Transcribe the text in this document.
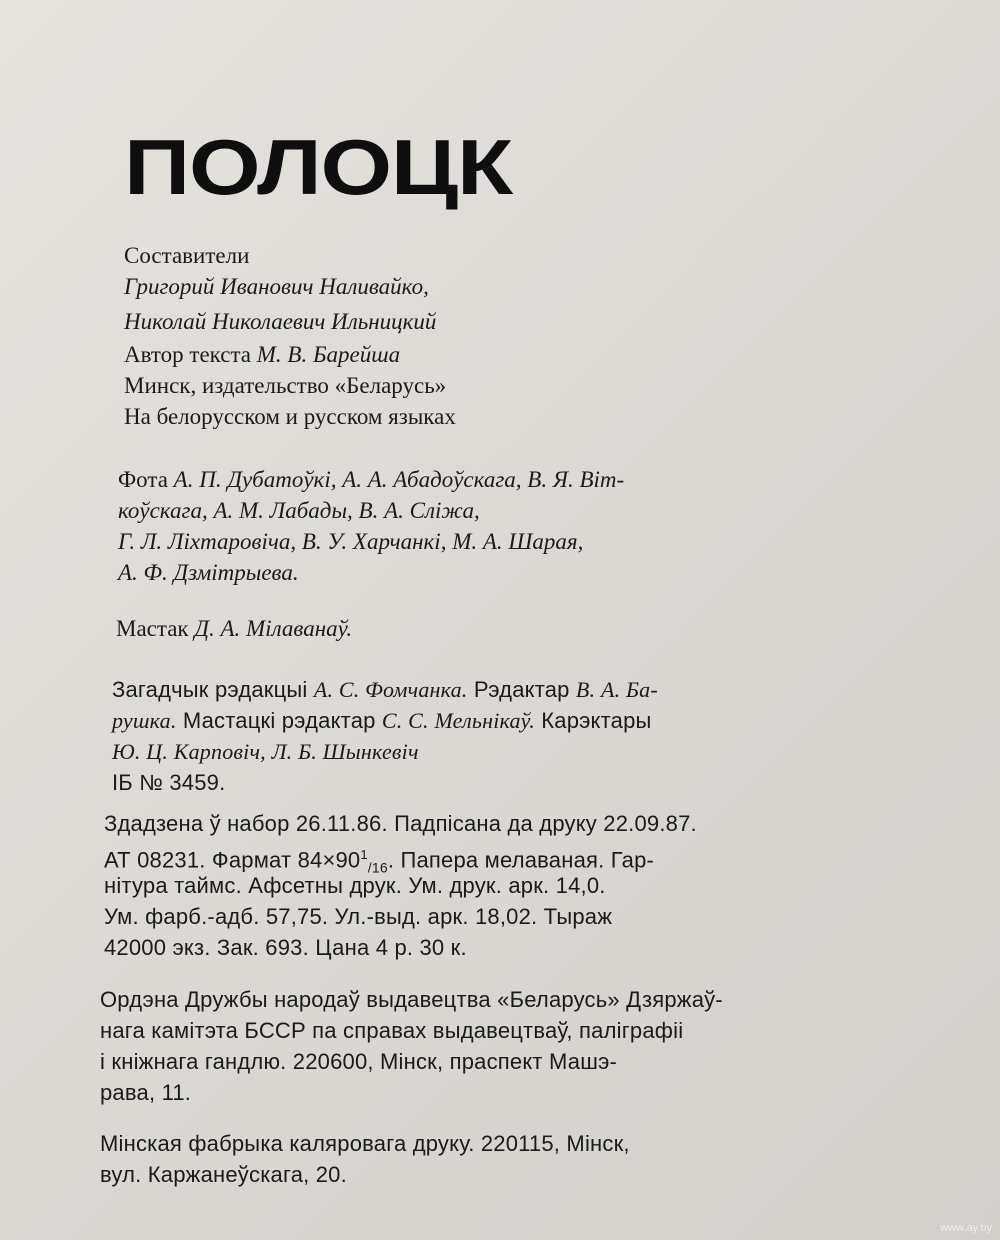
ПОЛОЦК
Составители
Григорий Иванович Наливайко,
Николай Николаевич Ильницкий
Автор текста М. В. Барейша
Минск, издательство «Беларусь»
На белорусском и русском языках
Фота А. П. Дубатоўкі, А. А. Абадоўскага, В. Я. Віт-
коўскага, А. М. Лабады, В. А. Сліжа,
Г. Л. Ліхтаровіча, В. У. Харчанкі, М. А. Шарая,
А. Ф. Дзмітрыева.
Мастак Д. А. Мілаванаў.
Загадчык рэдакцыі А. С. Фомчанка. Рэдактар В. А. Ба-
рушка. Мастацкі рэдактар С. С. Мельнікаў. Карэктары
Ю. Ц. Карповіч, Л. Б. Шынкевіч
ІБ № 3459.
Здадзена ў набор 26.11.86. Падпісана да друку 22.09.87.
АТ 08231. Фармат $84\times 90^1_{/16}$. Папера мелаваная. Гар-
нітура таймс. Афсетны друк. Ум. друк. арк. 14,0.
Ум. фарб.-адб. 57,75. Ул.-выд. арк. 18,02. Тыраж
42000 экз. Зак. 693. Цана 4 р. 30 к.
Ордэна Дружбы народаў выдавецтва «Беларусь» Дзяржаў-
нага камітэта БССР па справах выдавецтваў, паліграфіі
і кніжнага гандлю. 220600, Мінск, праспект Машэ-
рава, 11.
Мінская фабрыка каляровага друку. 220115, Мінск,
вул. Каржанеўскага, 20.
www.ay.by
